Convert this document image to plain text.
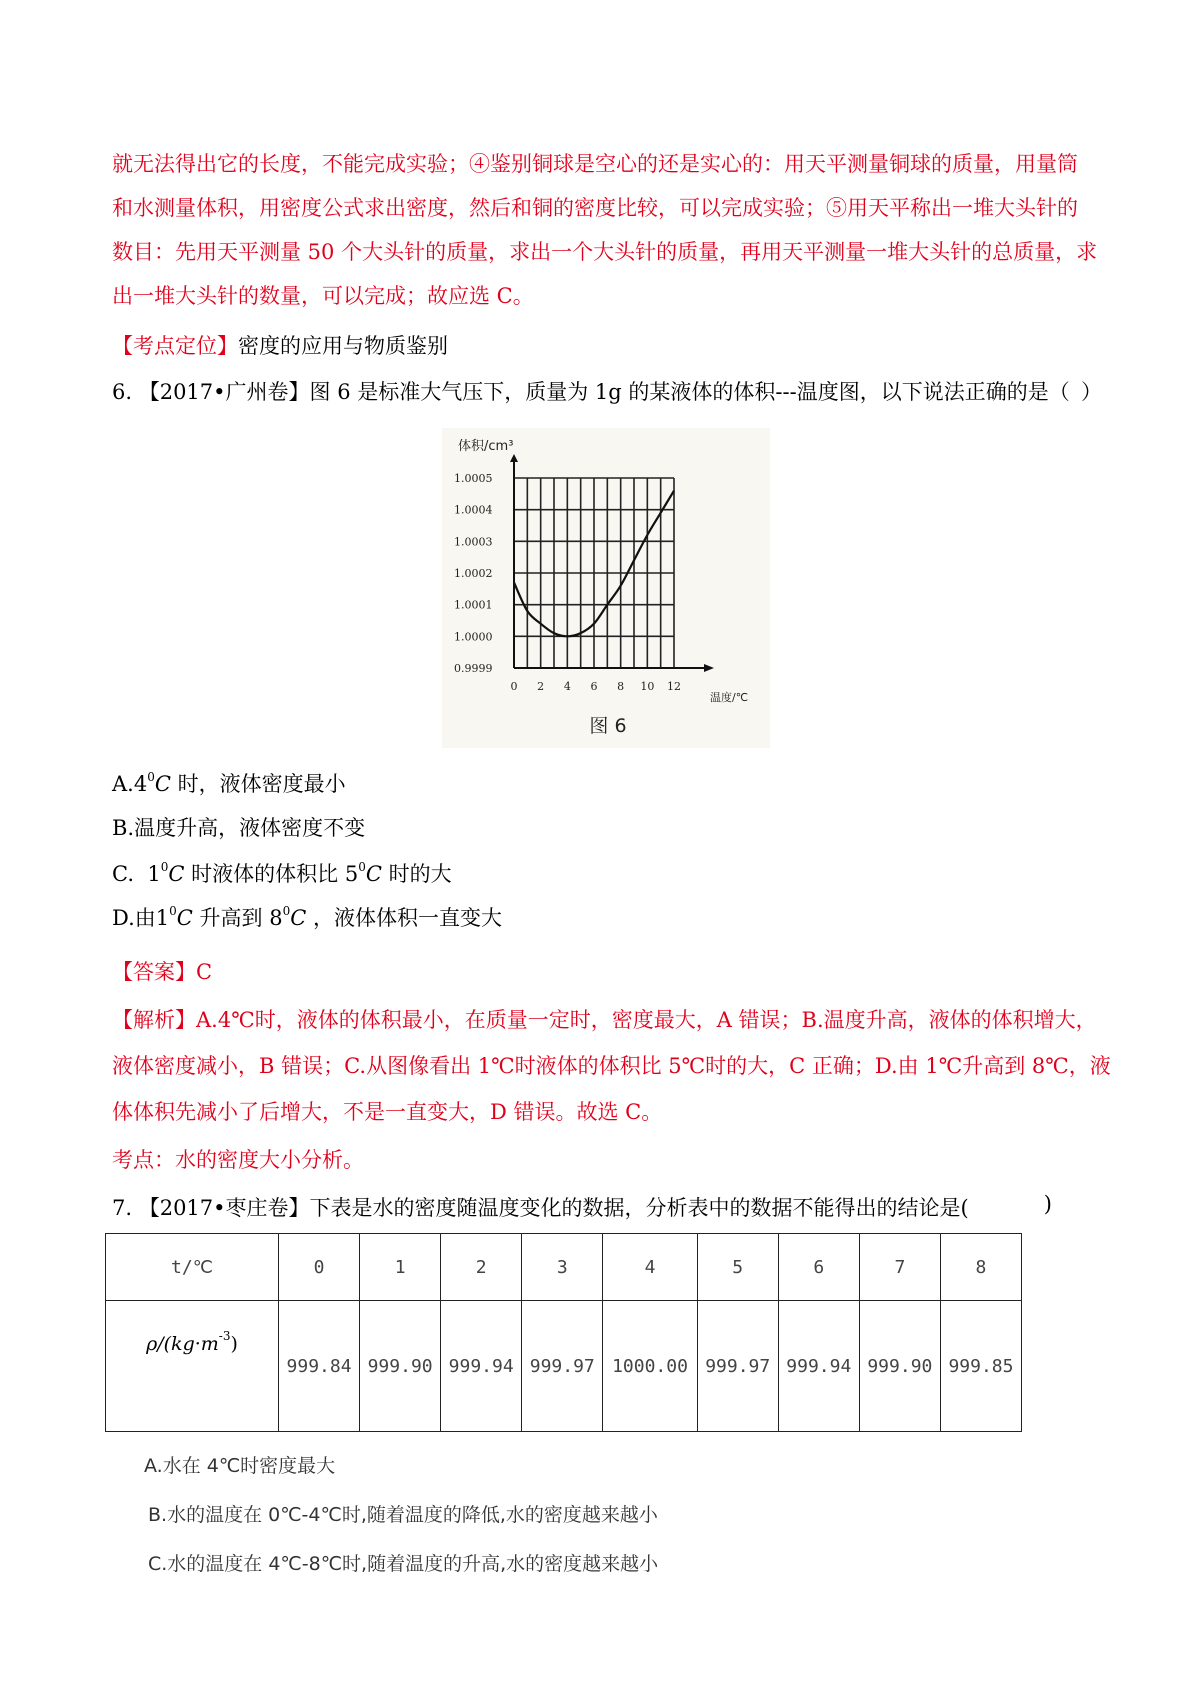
就无法得出它的长度，不能完成实验；④鉴别铜球是空心的还是实心的：用天平测量铜球的质量，用量筒
和水测量体积，用密度公式求出密度，然后和铜的密度比较，可以完成实验；⑤用天平称出一堆大头针的
数目：先用天平测量 50 个大头针的质量，求出一个大头针的质量，再用天平测量一堆大头针的总质量，求
出一堆大头针的数量，可以完成；故应选 C。
【考点定位】密度的应用与物质鉴别
6. 【2017•广州卷】图 6 是标准大气压下，质量为 1g 的某液体的体积---温度图，以下说法正确的是（ ）
0.9999
1.0000
1.0001
1.0002
1.0003
1.0004
1.0005
0 2 4 6 8 10 12
体积/cm³
温度/℃
图 6
$A.4^0C$ 时，液体密度最小
B.温度升高，液体密度不变
C.  $1^0C$ 时液体的体积比 $5^0C$ 时的大
D.由$1^0C$ 升高到 $8^0C$ ，液体体积一直变大
【答案】C
【解析】A.4℃时，液体的体积最小，在质量一定时，密度最大，A 错误；B.温度升高，液体的体积增大，
液体密度减小，B 错误；C.从图像看出 1℃时液体的体积比 5℃时的大，C 正确；D.由 1℃升高到 8℃，液
体体积先减小了后增大，不是一直变大，D 错误。故选 C。
考点：水的密度大小分析。
7. 【2017•枣庄卷】下表是水的密度随温度变化的数据，分析表中的数据不能得出的结论是(	)
t/℃	0	1	2	3	4	5	6	7	8
$\rho/(kg\cdot m^{-3})$	999.84	999.90	999.94	999.97	1000.00	999.97	999.94	999.90	999.85
A.水在 4℃时密度最大
B.水的温度在 0℃-4℃时,随着温度的降低,水的密度越来越小
C.水的温度在 4℃-8℃时,随着温度的升高,水的密度越来越小
